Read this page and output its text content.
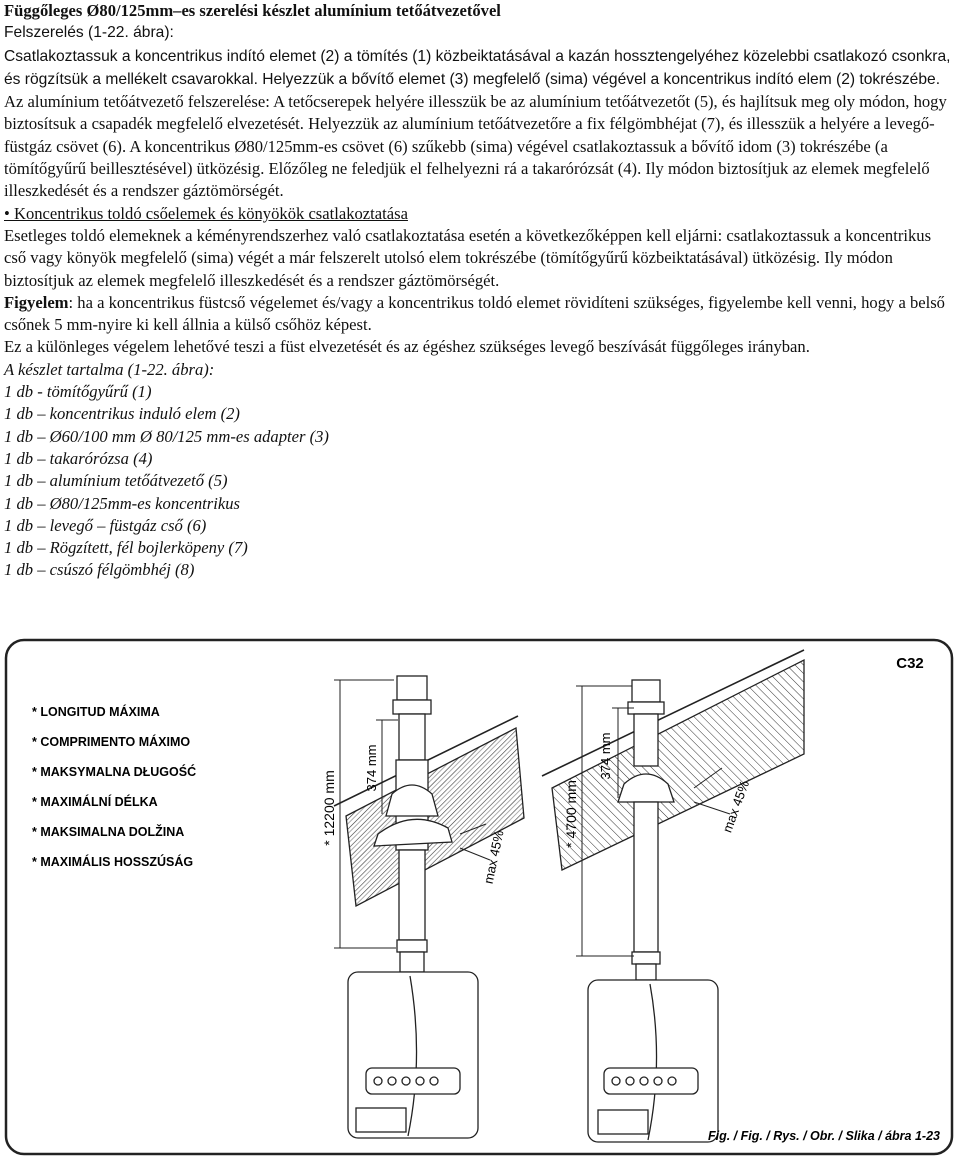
Függőleges Ø80/125mm–es szerelési készlet alumínium tetőátvezetővel

Felszerelés (1-22. ábra):

Csatlakoztassuk a koncentrikus indító elemet (2) a tömítés (1) közbeiktatásával a kazán hossztengelyéhez közelebbi csatlakozó csonkra, és rögzítsük a mellékelt csavarokkal. Helyezzük a bővítő elemet (3) megfelelő (sima) végével a koncentrikus indító elem (2) tokrészébe. Az alumínium tetőátvezető felszerelése: A tetőcserepek helyére illesszük be az alumínium tetőátvezetőt (5), és hajlítsuk meg oly módon, hogy biztosítsuk a csapadék megfelelő elvezetését. Helyezzük az alumínium tetőátvezetőre a fix félgömbhéjat (7), és illesszük a helyére a levegő-füstgáz csövet (6). A koncentrikus Ø80/125mm-es csövet (6) szűkebb (sima) végével csatlakoztassuk a bővítő idom (3) tokrészébe (a tömítőgyűrű beillesztésével) ütközésig. Előzőleg ne feledjük el felhelyezni rá a takarórózsát (4). Ily módon biztosítjuk az elemek megfelelő illeszkedését és a rendszer gáztömörségét.

• Koncentrikus toldó csőelemek és könyökök csatlakoztatása

Esetleges toldó elemeknek a kéményrendszerhez való csatlakoztatása esetén a következőképpen kell eljárni: csatlakoztassuk a koncentrikus cső vagy könyök megfelelő (sima) végét a már felszerelt utolsó elem tokrészébe (tömítőgyűrű közbeiktatásával) ütközésig. Ily módon biztosítjuk az elemek megfelelő illeszkedését és a rendszer gáztömörségét.

Figyelem: ha a koncentrikus füstcső végelemet és/vagy a koncentrikus toldó elemet rövidíteni szükséges, figyelembe kell venni, hogy a belső csőnek 5 mm-nyire ki kell állnia a külső csőhöz képest.

Ez a különleges végelem lehetővé teszi a füst elvezetését és az égéshez szükséges levegő beszívását függőleges irányban.

A készlet tartalma (1-22. ábra):

1 db - tömítőgyűrű (1)

1 db – koncentrikus induló elem (2)

1 db – Ø60/100 mm Ø 80/125 mm-es adapter (3)

1 db – takarórózsa (4)

1 db – alumínium tetőátvezető (5)

1 db – Ø80/125mm-es koncentrikus

1 db – levegő – füstgáz cső (6)

1 db – Rögzített, fél bojlerköpeny (7)

1 db – csúszó félgömbhéj (8)

C32
* LONGITUD MÁXIMA
* COMPRIMENTO MÁXIMO
* MAKSYMALNA DŁUGOŚĆ
* MAXIMÁLNÍ DÉLKA
* MAKSIMALNA DOLŽINA
* MAXIMÁLIS HOSSZÚSÁG
* 12200 mm
374 mm
max 45%
* 4700 mm
374 mm
max 45%
Fig. / Fig. / Rys. / Obr. / Slika / ábra 1-23
